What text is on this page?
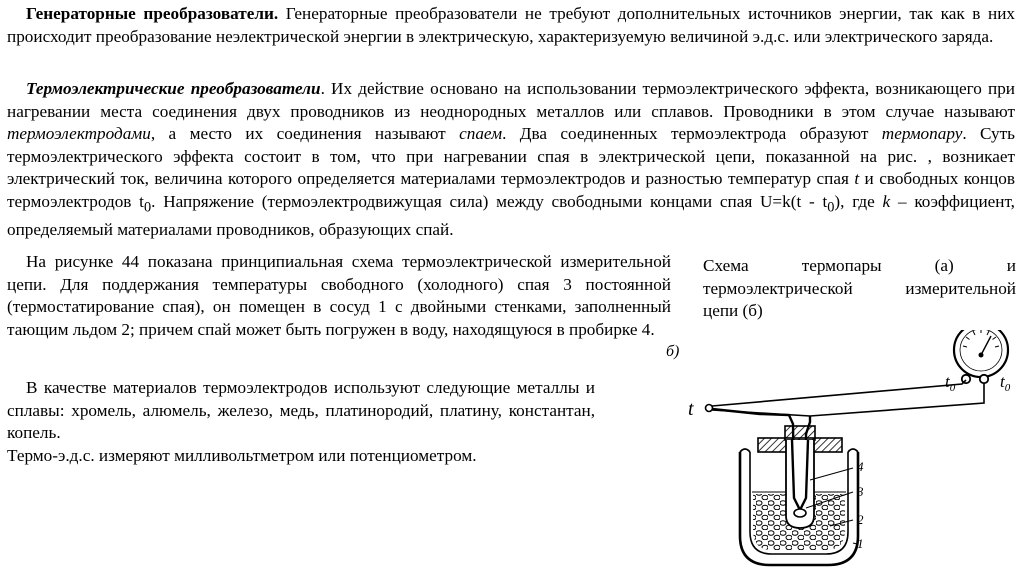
Генераторные преобразователи. Генераторные преобразователи не требуют дополнительных источников энергии, так как в них происходит преобразование неэлектрической энергии в электрическую, характеризуемую величиной э.д.с. или электрического заряда.

Термоэлектрические преобразователи. Их действие основано на использовании термоэлектрического эффекта, возникающего при нагревании места соединения двух проводников из неоднородных металлов или сплавов. Проводники в этом случае называют термоэлектродами, а место их соединения называют спаем. Два соединенных термоэлектрода образуют термопару. Суть термоэлектрического эффекта состоит в том, что при нагревании спая в электрической цепи, показанной на рис. , возникает электрический ток, величина которого определяется материалами термоэлектродов и разностью температур спая t и свободных концов термоэлектродов $t_0$. Напряжение (термоэлектродвижущая сила) между свободными концами спая $U=k(t - t_0)$, где k – коэффициент, определяемый материалами проводников, образующих спай.

На рисунке 44 показана принципиальная схема термоэлектрической измерительной цепи. Для поддержания температуры свободного (холодного) спая 3 постоянной (термостатирование спая), он помещен в сосуд 1 с двойными стенками, заполненный тающим льдом 2; причем спай может быть погружен в воду, находящуюся в пробирке 4.

В качестве материалов термоэлектродов используют следующие металлы и сплавы: хромель, алюмель, железо, медь, платинородий, платину, константан, копель.

Термо-э.д.с. измеряют милливольтметром или потенциометром.

Схема термопары (а) и термоэлектрической измерительной
цепи (б)

б)
t
$t_0$	$t_0$
4
3
2
1
